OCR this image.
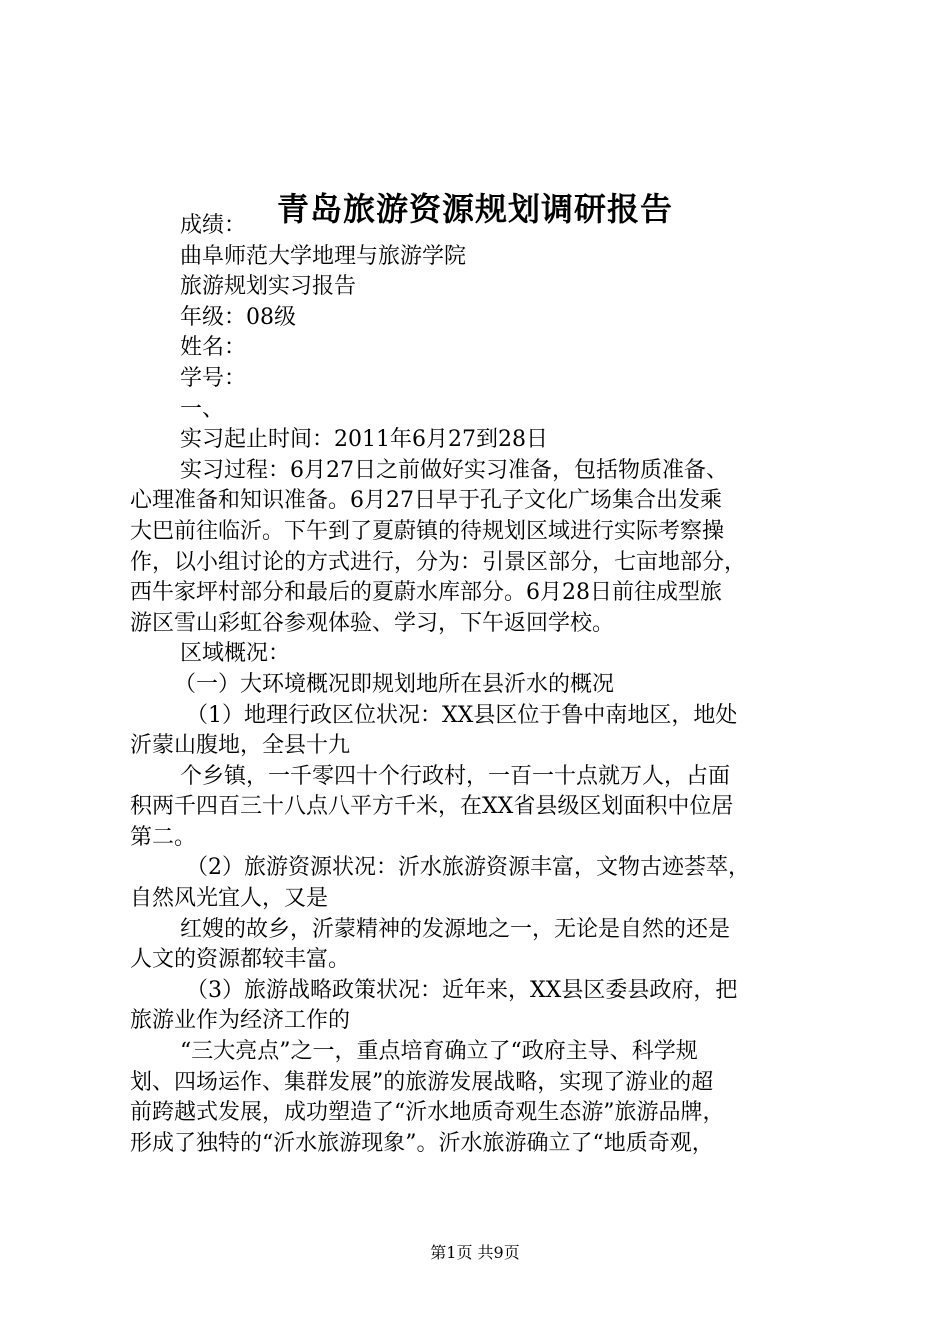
青岛旅游资源规划调研报告
成绩：
曲阜师范大学地理与旅游学院
旅游规划实习报告
年级：08级
姓名：
学号：
一、
实习起止时间：2011年6月27到28日
实习过程：6月27日之前做好实习准备，包括物质准备、
心理准备和知识准备。6月27日早于孔子文化广场集合出发乘
大巴前往临沂。下午到了夏蔚镇的待规划区域进行实际考察操
作，以小组讨论的方式进行，分为：引景区部分，七亩地部分，
西牛家坪村部分和最后的夏蔚水库部分。6月28日前往成型旅
游区雪山彩虹谷参观体验、学习，下午返回学校。
区域概况：
（一）大环境概况即规划地所在县沂水的概况
（1）地理行政区位状况：XX县区位于鲁中南地区，地处
沂蒙山腹地，全县十九
个乡镇，一千零四十个行政村，一百一十点就万人，占面
积两千四百三十八点八平方千米，在XX省县级区划面积中位居
第二。
（2）旅游资源状况：沂水旅游资源丰富，文物古迹荟萃，
自然风光宜人，又是
红嫂的故乡，沂蒙精神的发源地之一，无论是自然的还是
人文的资源都较丰富。
（3）旅游战略政策状况：近年来，XX县区委县政府，把
旅游业作为经济工作的
“三大亮点”之一，重点培育确立了“政府主导、科学规
划、四场运作、集群发展”的旅游发展战略，实现了游业的超
前跨越式发展，成功塑造了“沂水地质奇观生态游”旅游品牌，
形成了独特的“沂水旅游现象”。沂水旅游确立了“地质奇观，
第1页 共9页
